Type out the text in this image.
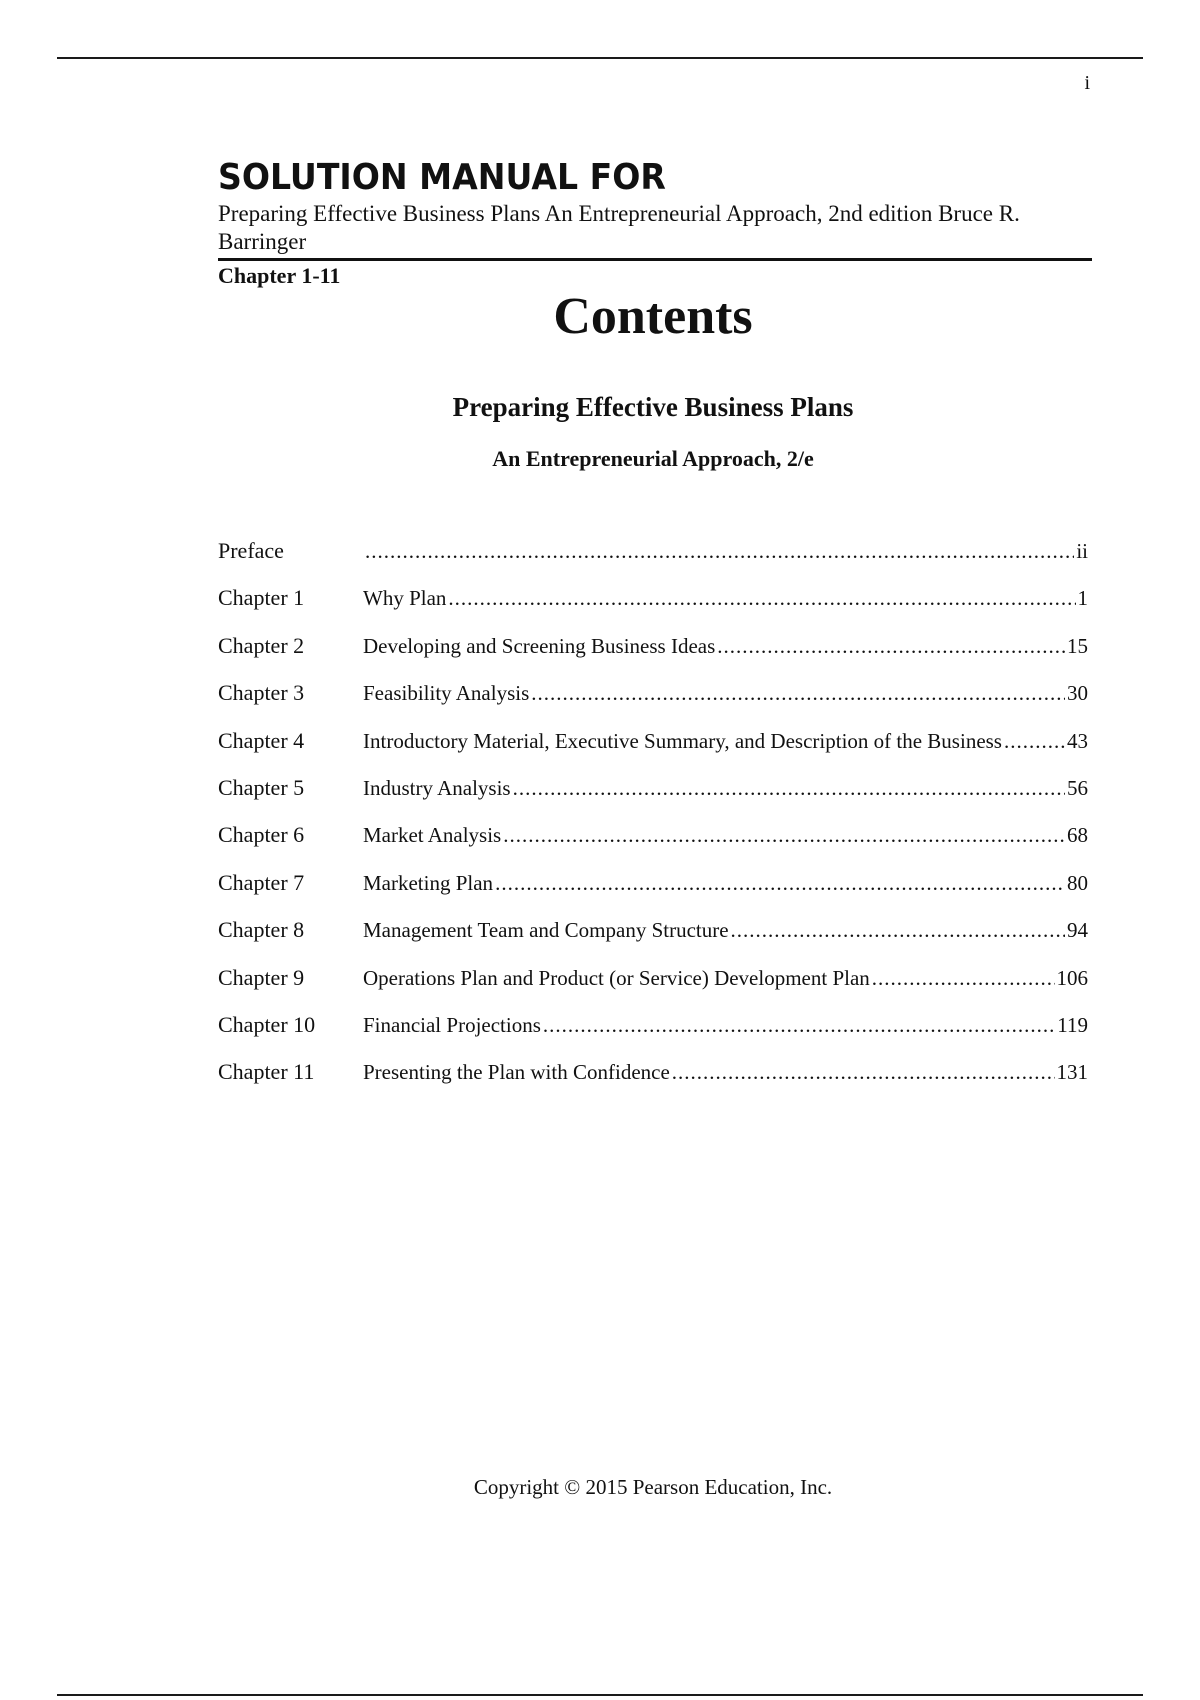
i
SOLUTION MANUAL FOR
Preparing Effective Business Plans An Entrepreneurial Approach, 2nd edition Bruce R. Barringer
Chapter 1-11
Contents
Preparing Effective Business Plans
An Entrepreneurial Approach, 2/e
Preface .....	ii
Chapter 1	Why Plan .....	1
Chapter 2	Developing and Screening Business Ideas .....	15
Chapter 3	Feasibility Analysis .....	30
Chapter 4	Introductory Material, Executive Summary, and Description of the Business .....	43
Chapter 5	Industry Analysis .....	56
Chapter 6	Market Analysis .....	68
Chapter 7	Marketing Plan .....	80
Chapter 8	Management Team and Company Structure .....	94
Chapter 9	Operations Plan and Product (or Service) Development Plan .....	106
Chapter 10	Financial Projections .....	119
Chapter 11	Presenting the Plan with Confidence .....	131
Copyright © 2015 Pearson Education, Inc.
